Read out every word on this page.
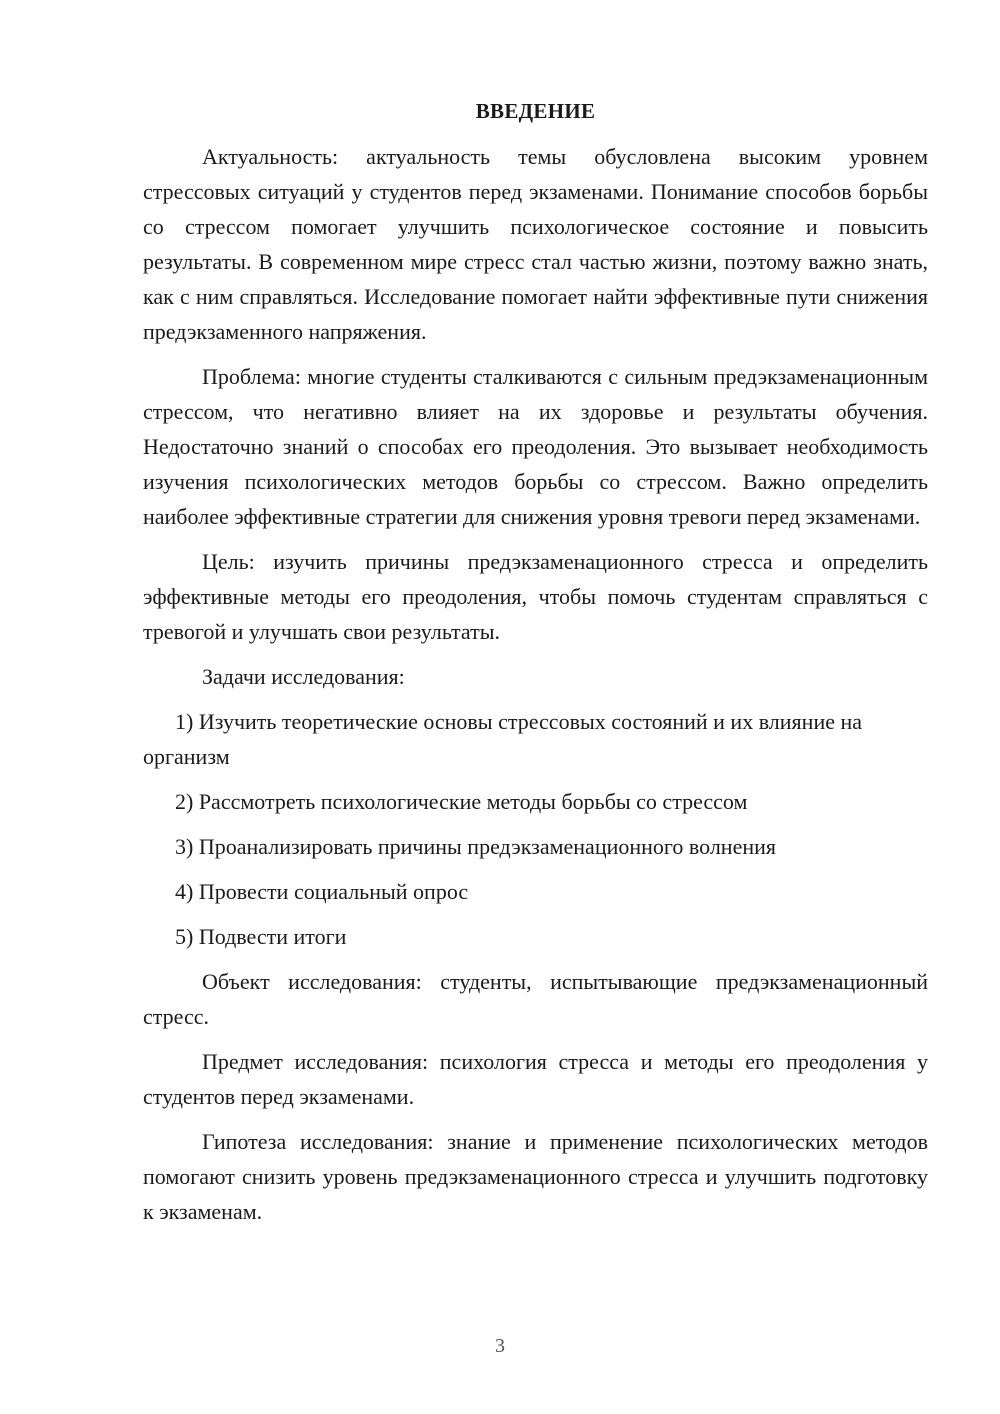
ВВЕДЕНИЕ

Актуальность: актуальность темы обусловлена высоким уровнем стрессовых ситуаций у студентов перед экзаменами. Понимание способов борьбы со стрессом помогает улучшить психологическое состояние и повысить результаты. В современном мире стресс стал частью жизни, поэтому важно знать, как с ним справляться. Исследование помогает найти эффективные пути снижения предэкзаменного напряжения.

Проблема: многие студенты сталкиваются с сильным предэкзаменационным стрессом, что негативно влияет на их здоровье и результаты обучения. Недостаточно знаний о способах его преодоления. Это вызывает необходимость изучения психологических методов борьбы со стрессом. Важно определить наиболее эффективные стратегии для снижения уровня тревоги перед экзаменами.

Цель: изучить причины предэкзаменационного стресса и определить эффективные методы его преодоления, чтобы помочь студентам справляться с тревогой и улучшать свои результаты.

Задачи исследования:

1) Изучить теоретические основы стрессовых состояний и их влияние на организм

2) Рассмотреть психологические методы борьбы со стрессом

3) Проанализировать причины предэкзаменационного волнения

4) Провести социальный опрос

5) Подвести итоги

Объект исследования: студенты, испытывающие предэкзаменационный стресс.

Предмет исследования: психология стресса и методы его преодоления у студентов перед экзаменами.

Гипотеза исследования: знание и применение психологических методов помогают снизить уровень предэкзаменационного стресса и улучшить подготовку к экзаменам.

3
